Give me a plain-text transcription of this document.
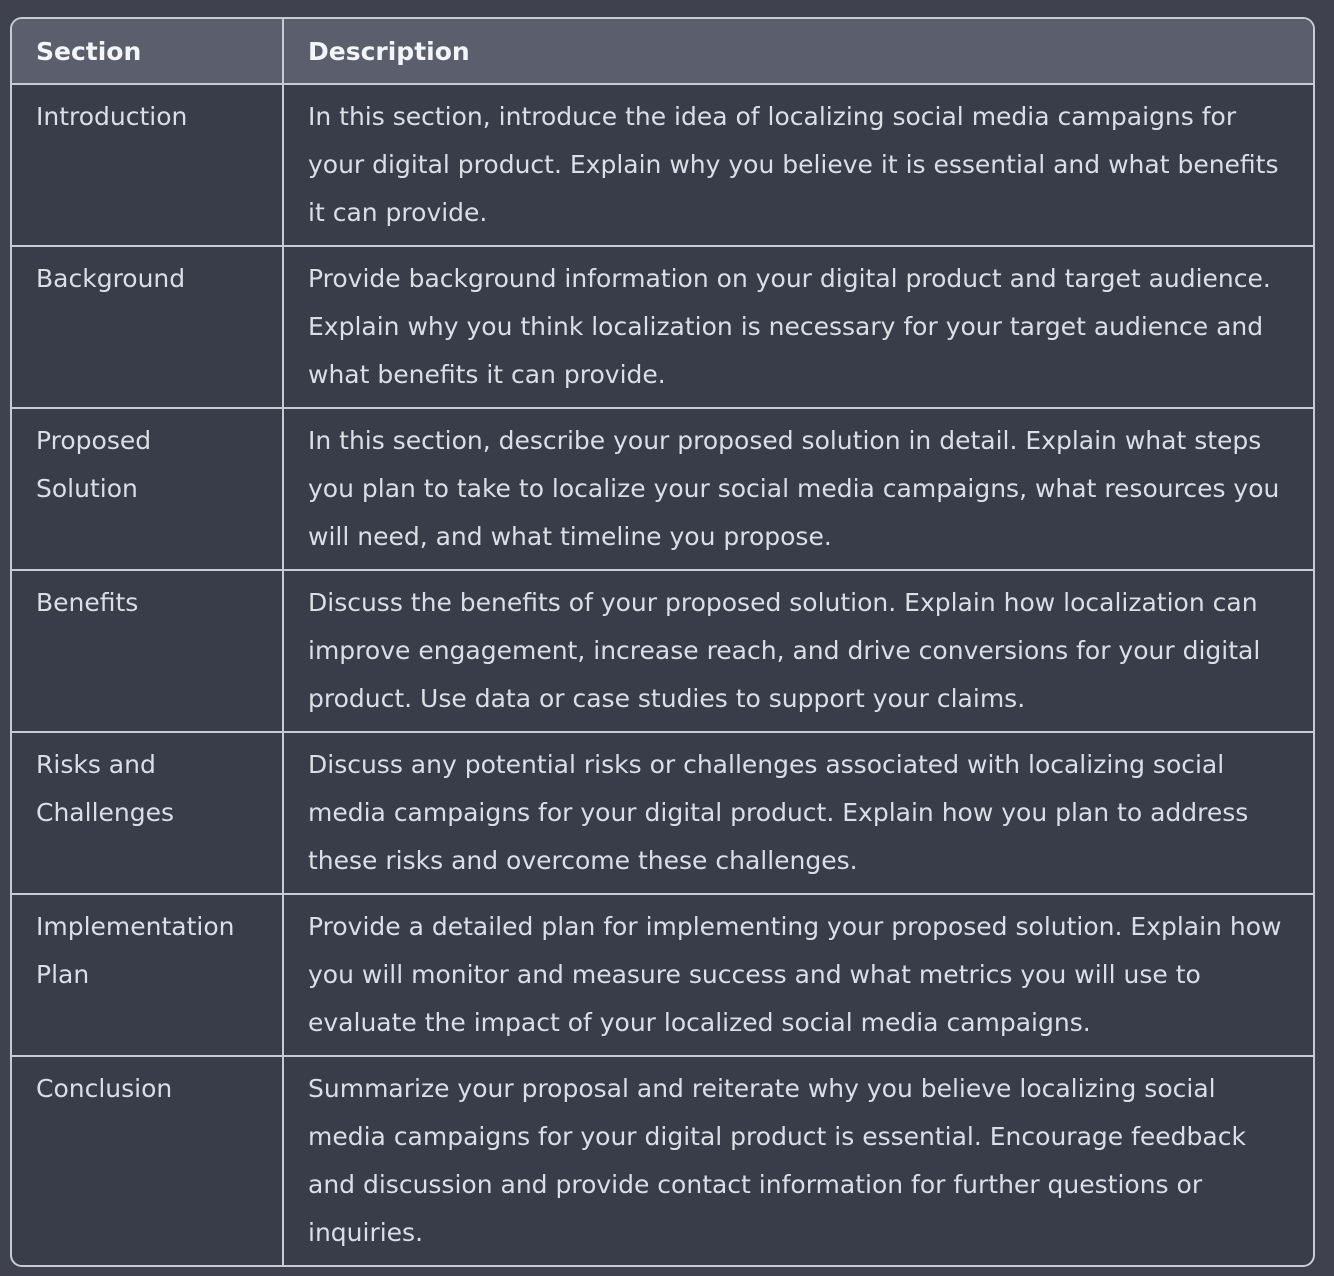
Section	Description
Introduction	In this section, introduce the idea of localizing social media campaigns for your digital product. Explain why you believe it is essential and what benefits it can provide.
Background	Provide background information on your digital product and target audience. Explain why you think localization is necessary for your target audience and what benefits it can provide.
Proposed Solution	In this section, describe your proposed solution in detail. Explain what steps you plan to take to localize your social media campaigns, what resources you will need, and what timeline you propose.
Benefits	Discuss the benefits of your proposed solution. Explain how localization can improve engagement, increase reach, and drive conversions for your digital product. Use data or case studies to support your claims.
Risks and Challenges	Discuss any potential risks or challenges associated with localizing social media campaigns for your digital product. Explain how you plan to address these risks and overcome these challenges.
Implementation Plan	Provide a detailed plan for implementing your proposed solution. Explain how you will monitor and measure success and what metrics you will use to evaluate the impact of your localized social media campaigns.
Conclusion	Summarize your proposal and reiterate why you believe localizing social media campaigns for your digital product is essential. Encourage feedback and discussion and provide contact information for further questions or inquiries.
